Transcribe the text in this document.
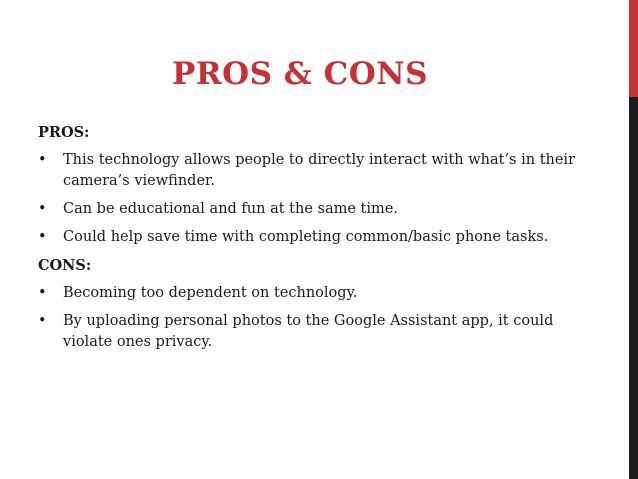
PROS & CONS
PROS:
• This technology allows people to directly interact with what’s in their camera’s viewfinder.
• Can be educational and fun at the same time.
• Could help save time with completing common/basic phone tasks.
CONS:
• Becoming too dependent on technology.
• By uploading personal photos to the Google Assistant app, it could violate ones privacy.
